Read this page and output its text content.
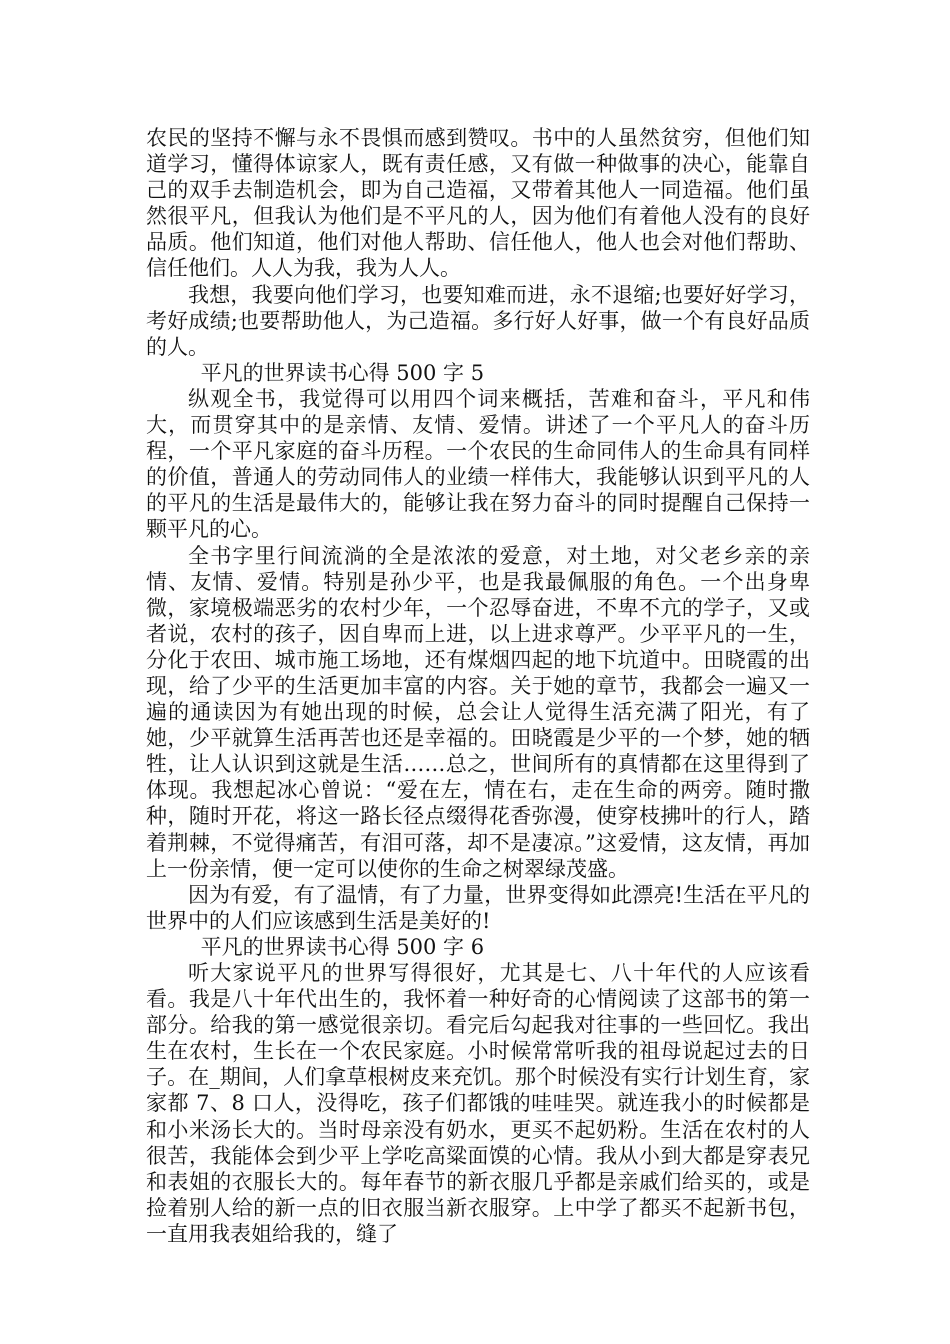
农民的坚持不懈与永不畏惧而感到赞叹。书中的人虽然贫穷，但他们知道学习，懂得体谅家人，既有责任感，又有做一种做事的决心，能靠自己的双手去制造机会，即为自己造福，又带着其他人一同造福。他们虽然很平凡，但我认为他们是不平凡的人，因为他们有着他人没有的良好品质。他们知道，他们对他人帮助、信任他人，他人也会对他们帮助、信任他们。人人为我，我为人人。

我想，我要向他们学习，也要知难而进，永不退缩;也要好好学习，考好成绩;也要帮助他人，为己造福。多行好人好事，做一个有良好品质的人。

平凡的世界读书心得 500 字 5

纵观全书，我觉得可以用四个词来概括，苦难和奋斗，平凡和伟大，而贯穿其中的是亲情、友情、爱情。讲述了一个平凡人的奋斗历程，一个平凡家庭的奋斗历程。一个农民的生命同伟人的生命具有同样的价值，普通人的劳动同伟人的业绩一样伟大，我能够认识到平凡的人的平凡的生活是最伟大的，能够让我在努力奋斗的同时提醒自己保持一颗平凡的心。

全书字里行间流淌的全是浓浓的爱意，对土地，对父老乡亲的亲情、友情、爱情。特别是孙少平，也是我最佩服的角色。一个出身卑微，家境极端恶劣的农村少年，一个忍辱奋进，不卑不亢的学子，又或者说，农村的孩子，因自卑而上进，以上进求尊严。少平平凡的一生，分化于农田、城市施工场地，还有煤烟四起的地下坑道中。田晓霞的出现，给了少平的生活更加丰富的内容。关于她的章节，我都会一遍又一遍的通读因为有她出现的时候，总会让人觉得生活充满了阳光，有了她，少平就算生活再苦也还是幸福的。田晓霞是少平的一个梦，她的牺牲，让人认识到这就是生活……总之，世间所有的真情都在这里得到了体现。我想起冰心曾说：“爱在左，情在右，走在生命的两旁。随时撒种，随时开花，将这一路长径点缀得花香弥漫，使穿枝拂叶的行人，踏着荆棘，不觉得痛苦，有泪可落，却不是凄凉。”这爱情，这友情，再加上一份亲情，便一定可以使你的生命之树翠绿茂盛。

因为有爱，有了温情，有了力量，世界变得如此漂亮!生活在平凡的世界中的人们应该感到生活是美好的!

平凡的世界读书心得 500 字 6

听大家说平凡的世界写得很好，尤其是七、八十年代的人应该看看。我是八十年代出生的，我怀着一种好奇的心情阅读了这部书的第一部分。给我的第一感觉很亲切。看完后勾起我对往事的一些回忆。我出生在农村，生长在一个农民家庭。小时候常常听我的祖母说起过去的日子。在_期间，人们拿草根树皮来充饥。那个时候没有实行计划生育，家家都 7、8 口人，没得吃，孩子们都饿的哇哇哭。就连我小的时候都是和小米汤长大的。当时母亲没有奶水，更买不起奶粉。生活在农村的人很苦，我能体会到少平上学吃高粱面馍的心情。我从小到大都是穿表兄和表姐的衣服长大的。每年春节的新衣服几乎都是亲戚们给买的，或是捡着别人给的新一点的旧衣服当新衣服穿。上中学了都买不起新书包，一直用我表姐给我的，缝了
